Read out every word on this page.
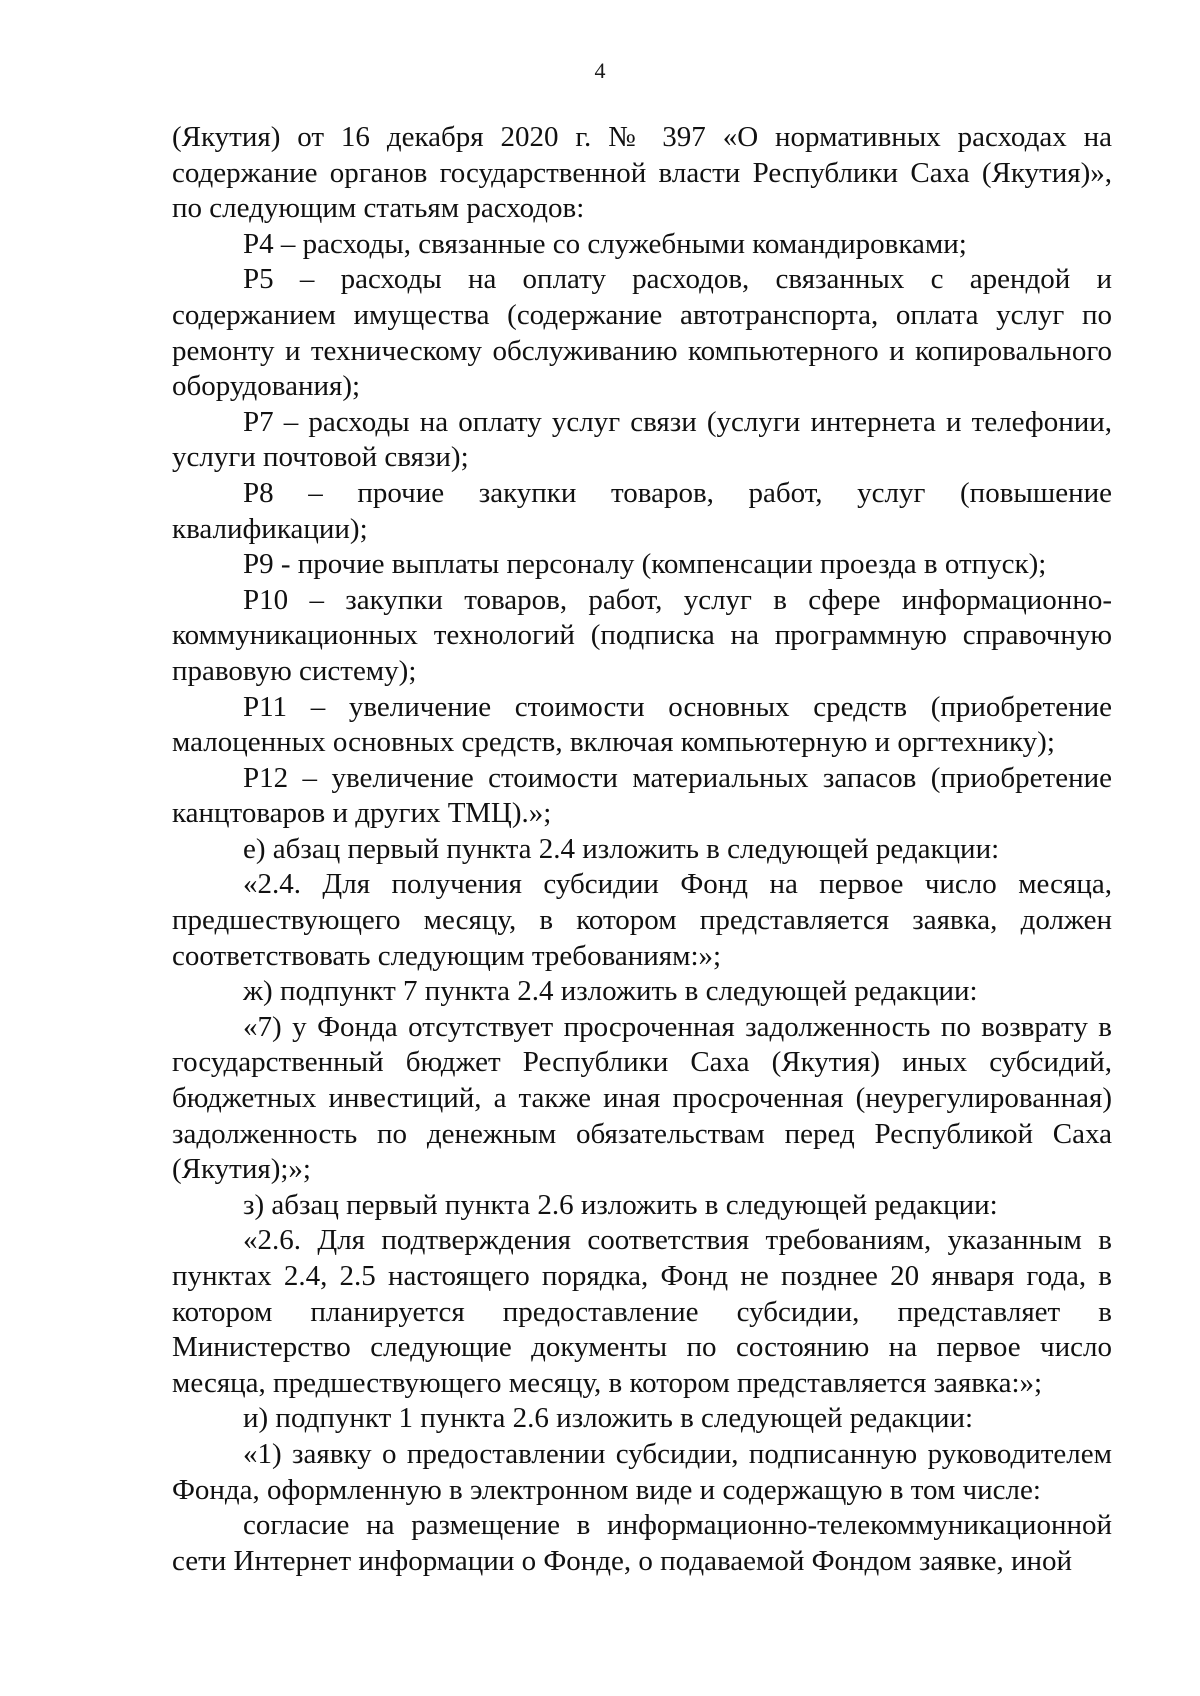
4

(Якутия) от 16 декабря 2020 г. № 397 «О нормативных расходах на содержание органов государственной власти Республики Саха (Якутия)», по следующим статьям расходов:

Р4 – расходы, связанные со служебными командировками;

Р5 – расходы на оплату расходов, связанных с арендой и содержанием имущества (содержание автотранспорта, оплата услуг по ремонту и техническому обслуживанию компьютерного и копировального оборудования);

Р7 – расходы на оплату услуг связи (услуги интернета и телефонии, услуги почтовой связи);

Р8 – прочие закупки товаров, работ, услуг (повышение квалификации);

Р9 - прочие выплаты персоналу (компенсации проезда в отпуск);

Р10 – закупки товаров, работ, услуг в сфере информационно-коммуникационных технологий (подписка на программную справочную правовую систему);

Р11 – увеличение стоимости основных средств (приобретение малоценных основных средств, включая компьютерную и оргтехнику);

Р12 – увеличение стоимости материальных запасов (приобретение канцтоваров и других ТМЦ).»;

е) абзац первый пункта 2.4 изложить в следующей редакции:

«2.4. Для получения субсидии Фонд на первое число месяца, предшествующего месяцу, в котором представляется заявка, должен соответствовать следующим требованиям:»;

ж) подпункт 7 пункта 2.4 изложить в следующей редакции:

«7) у Фонда отсутствует просроченная задолженность по возврату в государственный бюджет Республики Саха (Якутия) иных субсидий, бюджетных инвестиций, а также иная просроченная (неурегулированная) задолженность по денежным обязательствам перед Республикой Саха (Якутия);»;

з) абзац первый пункта 2.6 изложить в следующей редакции:

«2.6. Для подтверждения соответствия требованиям, указанным в пунктах 2.4, 2.5 настоящего порядка, Фонд не позднее 20 января года, в котором планируется предоставление субсидии, представляет в Министерство следующие документы по состоянию на первое число месяца, предшествующего месяцу, в котором представляется заявка:»;

и) подпункт 1 пункта 2.6 изложить в следующей редакции:

«1) заявку о предоставлении субсидии, подписанную руководителем Фонда, оформленную в электронном виде и содержащую в том числе:

согласие на размещение в информационно-телекоммуникационной сети Интернет информации о Фонде, о подаваемой Фондом заявке, иной
